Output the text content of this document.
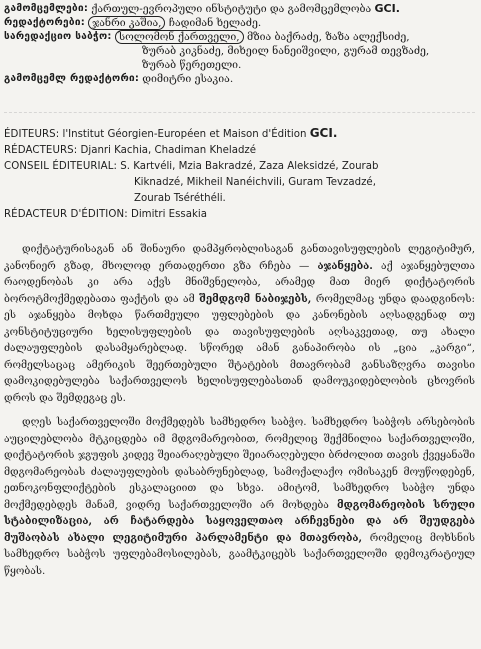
გამომცემლები: ქართულ-ევროპული ინსტიტუტი და გამომცემლობა GCI.
რედაქტორები: ჯანრი კაშია, ჩადიმან ხელაძე.
სარედაქციო საბჭო: სოლომონ ქართველი, მზია ბაქრაძე, ზაზა ალექსიძე,
ზურაბ კიკნაძე, მიხეილ ნანეიშვილი, გურამ თევზაძე,
ზურაბ წერეთელი.
გამომცემლ რედაქტორი: დიმიტრი ესაკია.
ÉDITEURS: l'Institut Géorgien-Européen et Maison d'Édition GCI.
RÉDACTEURS: Djanri Kachia, Chadiman Kheladzé
CONSEIL ÉDITEURIAL: S. Kartvéli, Mzia Bakradzé, Zaza Aleksidzé, Zourab
Kiknadzé, Mikheil Nanéichvili, Guram Tevzadzé,
Zourab Tséréthéli.
RÉDACTEUR D'ÉDITION: Dimitri Essakia

დიქტატურისაგან ან შინაური დამპყრობლისაგან განთავისუფლების ლეგიტიმურ, კანონიერ გზად, მხოლოდ ერთადერთი გზა რჩება — აჯანყება. აქ აჯანყებულთა რაოდენობას კი არა აქვს მნიშვნელობა, არამედ მათ მიერ დიქტატორის ბოროტმოქმედებათა ფაქტის და ამ შემდგომ ნაბიჯებს, რომელმაც უნდა დაადგინოს: ეს აჯანყება მოხდა წართმეული უფლებების და კანონების აღსადგენად თუ კონსტიტუციური ხელისუფლების და თავისუფლების აღსაკვეთად, თუ ახალი ძალაუფლების დასამყარებლად. სწორედ ამან განაპირობა ის „ცია „კარგი“, რომელსაცაც ამერიკის შეერთებული შტატების მთავრობამ განსაზღვრა თავისი დამოკიდებულება საქართველოს ხელისუფლებასთან დამოუკიდებლობის ცხოვრის დროს და შემდეგაც ეს.

დღეს საქართველოში მოქმედებს სამხედრო საბჭო. სამხედრო საბჭოს არსებობის აუცილებლობა მტკიცდება იმ მდგომარეობით, რომელიც შექმნილია საქართველოში, დიქტატორის ჯგუფის კიდევ შეიარაღებული შეიარაღებული ბრძოლით თავის ქვეყანაში მდგომარეობას ძალაუფლების დასაბრუნებლად, სამოქალაქო ომისაკენ მოუწოდებენ, ეთნოკონფლიქტების ესკალაციით და სხვა. ამიტომ, სამხედრო საბჭო უნდა მოქმედებდეს მანამ, ვიდრე საქართველოში არ მოხდება მდგომარეობის სრული სტაბილიზაცია, არ ჩატარდება საყოველთაო არჩევნები და არ შეუდგება მუშაობას ახალი ლეგიტიმური პარლამენტი და მთავრობა, რომელიც მოხსნის სამხედრო საბჭოს უფლებამოსილებას, გაამტკიცებს საქართველოში დემოკრატიულ წყობას.
